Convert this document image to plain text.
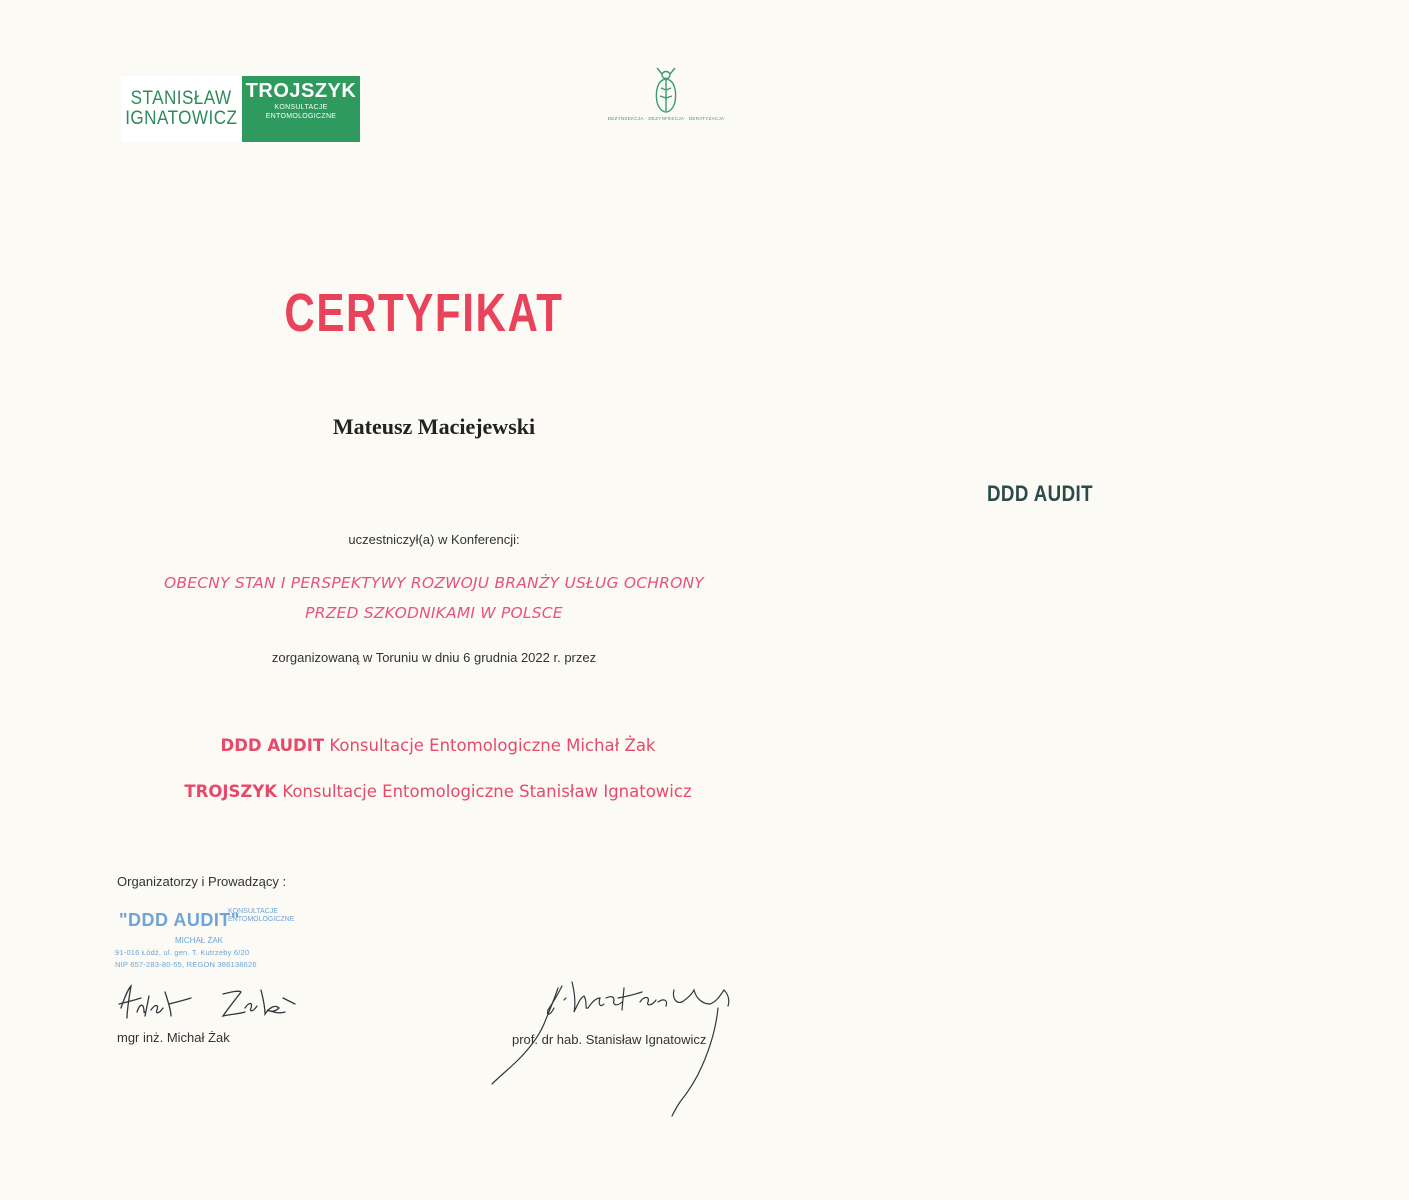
STANISŁAW
IGNATOWICZ
TROJSZYK
KONSULTACJE
ENTOMOLOGICZNE
DDD AUDIT
DEZYNSEKCJA · DEZYNFEKCJA · DERATYZACJA
CERTYFIKAT
Mateusz Maciejewski
uczestniczył(a) w Konferencji:
OBECNY STAN I PERSPEKTYWY ROZWOJU BRANŻY USŁUG OCHRONY
PRZED SZKODNIKAMI W POLSCE
zorganizowaną w Toruniu w dniu 6 grudnia 2022 r. przez
DDD AUDIT Konsultacje Entomologiczne Michał Żak
TROJSZYK Konsultacje Entomologiczne Stanisław Ignatowicz
Organizatorzy i Prowadzący :
"DDD AUDIT"
KONSULTACJE
ENTOMOLOGICZNE
MICHAŁ ŻAK
91-016 Łódź, ul. gen. T. Kutrzeby 6/20
NIP 657-283-80-55, REGON 386138626
mgr inż. Michał Żak	prof. dr hab. Stanisław Ignatowicz
